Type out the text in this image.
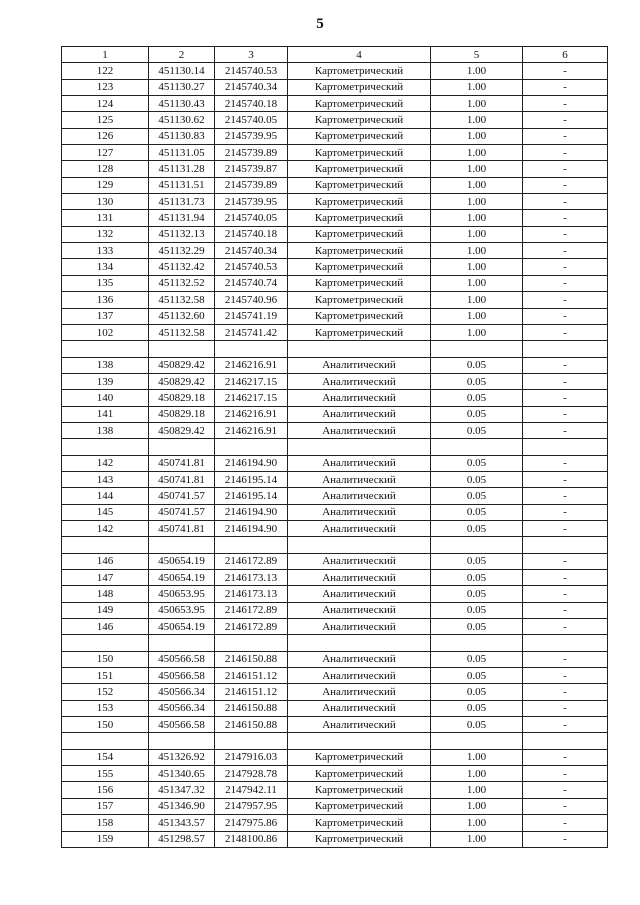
5
1	2	3	4	5	6
122	451130.14	2145740.53	Картометрический	1.00	-
123	451130.27	2145740.34	Картометрический	1.00	-
124	451130.43	2145740.18	Картометрический	1.00	-
125	451130.62	2145740.05	Картометрический	1.00	-
126	451130.83	2145739.95	Картометрический	1.00	-
127	451131.05	2145739.89	Картометрический	1.00	-
128	451131.28	2145739.87	Картометрический	1.00	-
129	451131.51	2145739.89	Картометрический	1.00	-
130	451131.73	2145739.95	Картометрический	1.00	-
131	451131.94	2145740.05	Картометрический	1.00	-
132	451132.13	2145740.18	Картометрический	1.00	-
133	451132.29	2145740.34	Картометрический	1.00	-
134	451132.42	2145740.53	Картометрический	1.00	-
135	451132.52	2145740.74	Картометрический	1.00	-
136	451132.58	2145740.96	Картометрический	1.00	-
137	451132.60	2145741.19	Картометрический	1.00	-
102	451132.58	2145741.42	Картометрический	1.00	-

138	450829.42	2146216.91	Аналитический	0.05	-
139	450829.42	2146217.15	Аналитический	0.05	-
140	450829.18	2146217.15	Аналитический	0.05	-
141	450829.18	2146216.91	Аналитический	0.05	-
138	450829.42	2146216.91	Аналитический	0.05	-

142	450741.81	2146194.90	Аналитический	0.05	-
143	450741.81	2146195.14	Аналитический	0.05	-
144	450741.57	2146195.14	Аналитический	0.05	-
145	450741.57	2146194.90	Аналитический	0.05	-
142	450741.81	2146194.90	Аналитический	0.05	-

146	450654.19	2146172.89	Аналитический	0.05	-
147	450654.19	2146173.13	Аналитический	0.05	-
148	450653.95	2146173.13	Аналитический	0.05	-
149	450653.95	2146172.89	Аналитический	0.05	-
146	450654.19	2146172.89	Аналитический	0.05	-

150	450566.58	2146150.88	Аналитический	0.05	-
151	450566.58	2146151.12	Аналитический	0.05	-
152	450566.34	2146151.12	Аналитический	0.05	-
153	450566.34	2146150.88	Аналитический	0.05	-
150	450566.58	2146150.88	Аналитический	0.05	-

154	451326.92	2147916.03	Картометрический	1.00	-
155	451340.65	2147928.78	Картометрический	1.00	-
156	451347.32	2147942.11	Картометрический	1.00	-
157	451346.90	2147957.95	Картометрический	1.00	-
158	451343.57	2147975.86	Картометрический	1.00	-
159	451298.57	2148100.86	Картометрический	1.00	-
